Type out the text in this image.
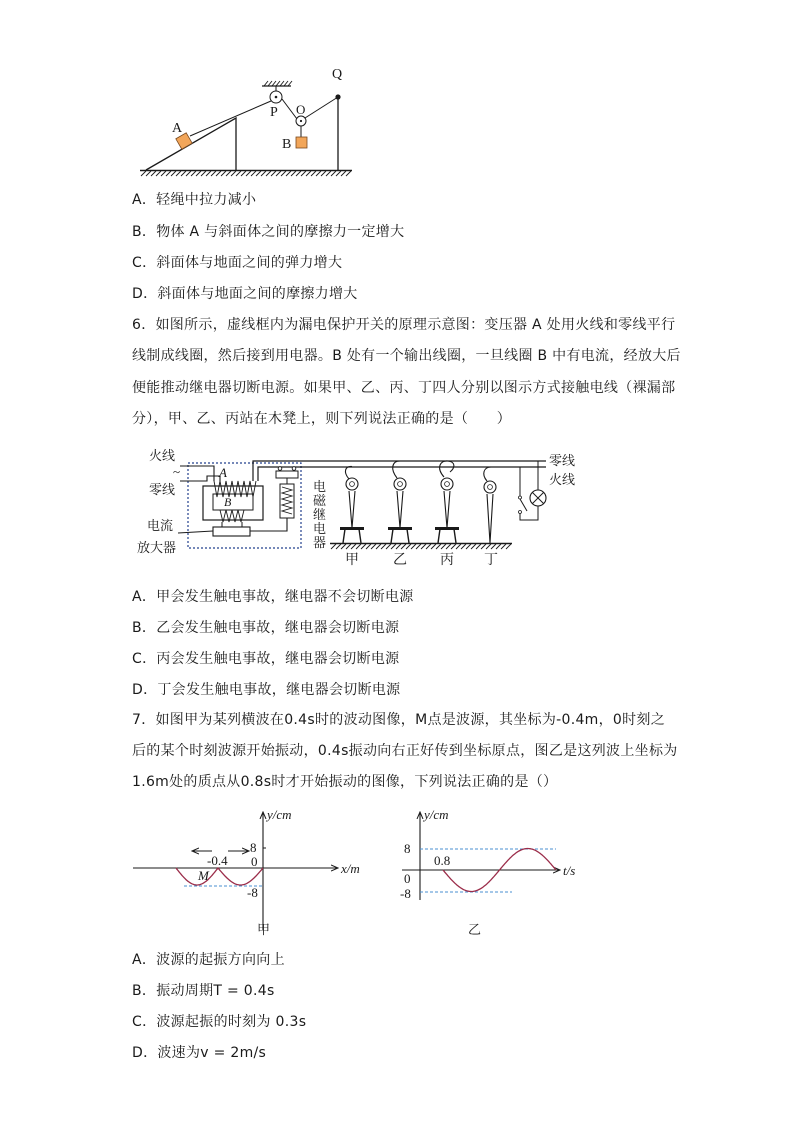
A
P O
Q
B
A．轻绳中拉力减小
B．物体 A 与斜面体之间的摩擦力一定增大
C．斜面体与地面之间的弹力增大
D．斜面体与地面之间的摩擦力增大
6．如图所示，虚线框内为漏电保护开关的原理示意图：变压器 A 处用火线和零线平行
线制成线圈，然后接到用电器。B 处有一个输出线圈，一旦线圈 B 中有电流，经放大后
便能推动继电器切断电源。如果甲、乙、丙、丁四人分别以图示方式接触电线（裸漏部
分），甲、乙、丙站在木凳上，则下列说法正确的是（　　）
火线
~
零线
A
B
电流
放大器
电
磁
继
电
器
甲 乙 丙 丁
零线
火线
A．甲会发生触电事故，继电器不会切断电源
B．乙会发生触电事故，继电器会切断电源
C．丙会发生触电事故，继电器会切断电源
D．丁会发生触电事故，继电器会切断电源
7．如图甲为某列横波在0.4s时的波动图像，M点是波源，其坐标为-0.4m，0时刻之
后的某个时刻波源开始振动，0.4s振动向右正好传到坐标原点，图乙是这列波上坐标为
1.6m处的质点从0.8s时才开始振动的图像，下列说法正确的是（）
y/cm
x/m
8
0
-8
-0.4
M
甲
y/cm
t/s
8
0.8
0
-8
乙
A．波源的起振方向向上
B．振动周期T = 0.4s
C．波源起振的时刻为 0.3s
D．波速为v = 2m/s
